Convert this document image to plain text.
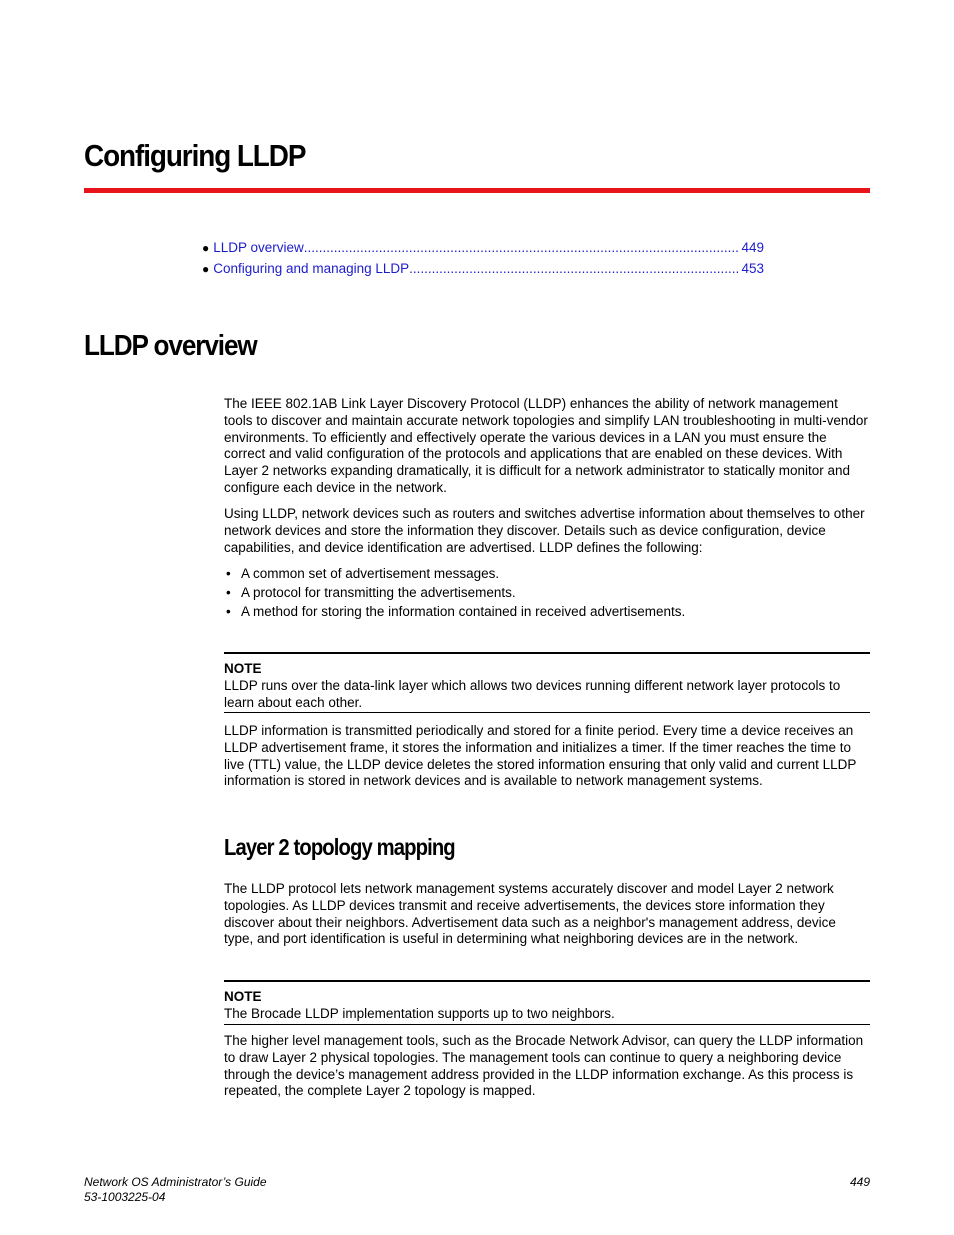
Configuring LLDP
● LLDP overview .....	449
● Configuring and managing LLDP .....	453
LLDP overview

The IEEE 802.1AB Link Layer Discovery Protocol (LLDP) enhances the ability of network management tools to discover and maintain accurate network topologies and simplify LAN troubleshooting in multi-vendor environments. To efficiently and effectively operate the various devices in a LAN you must ensure the correct and valid configuration of the protocols and applications that are enabled on these devices. With Layer 2 networks expanding dramatically, it is difficult for a network administrator to statically monitor and configure each device in the network.

Using LLDP, network devices such as routers and switches advertise information about themselves to other network devices and store the information they discover. Details such as device configuration, device capabilities, and device identification are advertised. LLDP defines the following:

• A common set of advertisement messages.
• A protocol for transmitting the advertisements.
• A method for storing the information contained in received advertisements.
NOTE
LLDP runs over the data-link layer which allows two devices running different network layer protocols to learn about each other.

LLDP information is transmitted periodically and stored for a finite period. Every time a device receives an LLDP advertisement frame, it stores the information and initializes a timer. If the timer reaches the time to live (TTL) value, the LLDP device deletes the stored information ensuring that only valid and current LLDP information is stored in network devices and is available to network management systems.

Layer 2 topology mapping

The LLDP protocol lets network management systems accurately discover and model Layer 2 network topologies. As LLDP devices transmit and receive advertisements, the devices store information they discover about their neighbors. Advertisement data such as a neighbor's management address, device type, and port identification is useful in determining what neighboring devices are in the network.

NOTE
The Brocade LLDP implementation supports up to two neighbors.

The higher level management tools, such as the Brocade Network Advisor, can query the LLDP information to draw Layer 2 physical topologies. The management tools can continue to query a neighboring device through the device’s management address provided in the LLDP information exchange. As this process is repeated, the complete Layer 2 topology is mapped.

Network OS Administrator’s Guide
53-1003225-04
449
